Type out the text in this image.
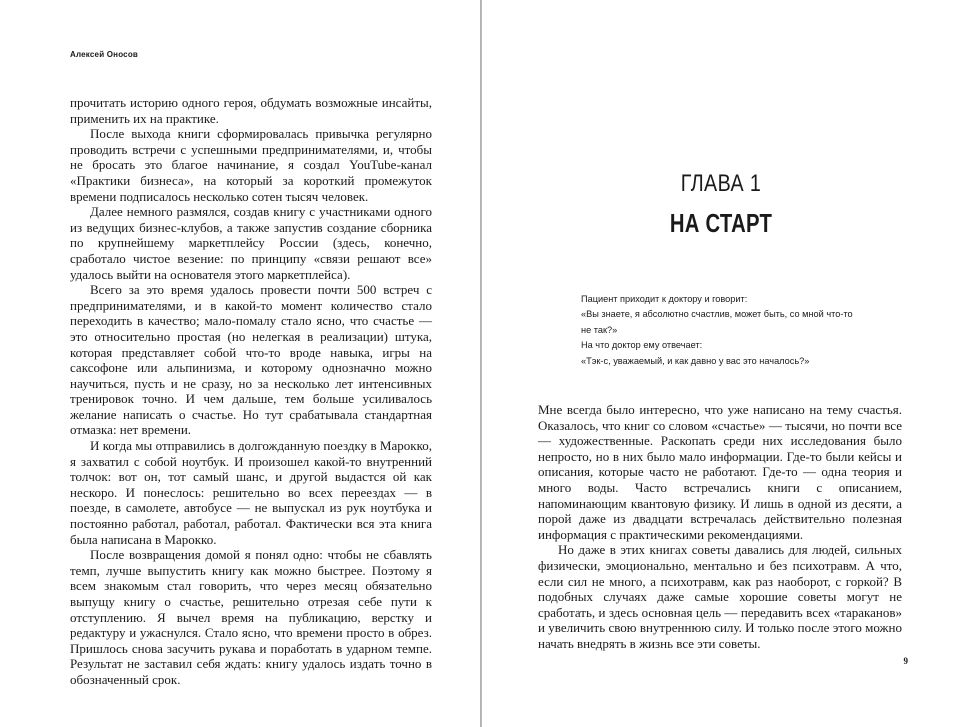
Алексей Оносов

прочитать историю одного героя, обдумать возможные инсайты, применить их на практике.

После выхода книги сформировалась привычка регулярно проводить встречи с успешными предпринимателями, и, чтобы не бросать это благое начинание, я создал YouTube-канал «Практики бизнеса», на который за короткий промежуток времени подписалось несколько сотен тысяч человек.

Далее немного размялся, создав книгу с участниками одного из ведущих бизнес-клубов, а также запустив создание сборника по крупнейшему маркетплейсу России (здесь, конечно, сработало чистое везение: по принципу «связи решают все» удалось выйти на основателя этого маркетплейса).

Всего за это время удалось провести почти 500 встреч с предпринимателями, и в какой-то момент количество стало переходить в качество; мало-помалу стало ясно, что счастье — это относительно простая (но нелегкая в реализации) штука, которая представляет собой что-то вроде навыка, игры на саксофоне или альпинизма, и которому однозначно можно научиться, пусть и не сразу, но за несколько лет интенсивных тренировок точно. И чем дальше, тем больше усиливалось желание написать о счастье. Но тут срабатывала стандартная отмазка: нет времени.

И когда мы отправились в долгожданную поездку в Марокко, я захватил с собой ноутбук. И произошел какой-то внутренний толчок: вот он, тот самый шанс, и другой выдастся ой как нескоро. И понеслось: решительно во всех переездах — в поезде, в самолете, автобусе — не выпускал из рук ноутбука и постоянно работал, работал, работал. Фактически вся эта книга была написана в Марокко.

После возвращения домой я понял одно: чтобы не сбавлять темп, лучше выпустить книгу как можно быстрее. Поэтому я всем знакомым стал говорить, что через месяц обязательно выпущу книгу о счастье, решительно отрезая себе пути к отступлению. Я вычел время на публикацию, верстку и редактуру и ужаснулся. Стало ясно, что времени просто в обрез. Пришлось снова засучить рукава и поработать в ударном темпе. Результат не заставил себя ждать: книгу удалось издать точно в обозначенный срок.

ГЛАВА 1
НА СТАРТ
Пациент приходит к доктору и говорит:
«Вы знаете, я абсолютно счастлив, может быть, со мной что-то
не так?»
На что доктор ему отвечает:
«Тэк-с, уважаемый, и как давно у вас это началось?»

Мне всегда было интересно, что уже написано на тему счастья. Оказалось, что книг со словом «счастье» — тысячи, но почти все — художественные. Раскопать среди них исследования было непросто, но в них было мало информации. Где-то были кейсы и описания, которые часто не работают. Где-то — одна теория и много воды. Часто встречались книги с описанием, напоминающим квантовую физику. И лишь в одной из десяти, а порой даже из двадцати встречалась действительно полезная информация с практическими рекомендациями.

Но даже в этих книгах советы давались для людей, сильных физически, эмоционально, ментально и без психотравм. А что, если сил не много, а психотравм, как раз наоборот, с горкой? В подобных случаях даже самые хорошие советы могут не сработать, и здесь основная цель — передавить всех «тараканов» и увеличить свою внутреннюю силу. И только после этого можно начать внедрять в жизнь все эти советы.

9
